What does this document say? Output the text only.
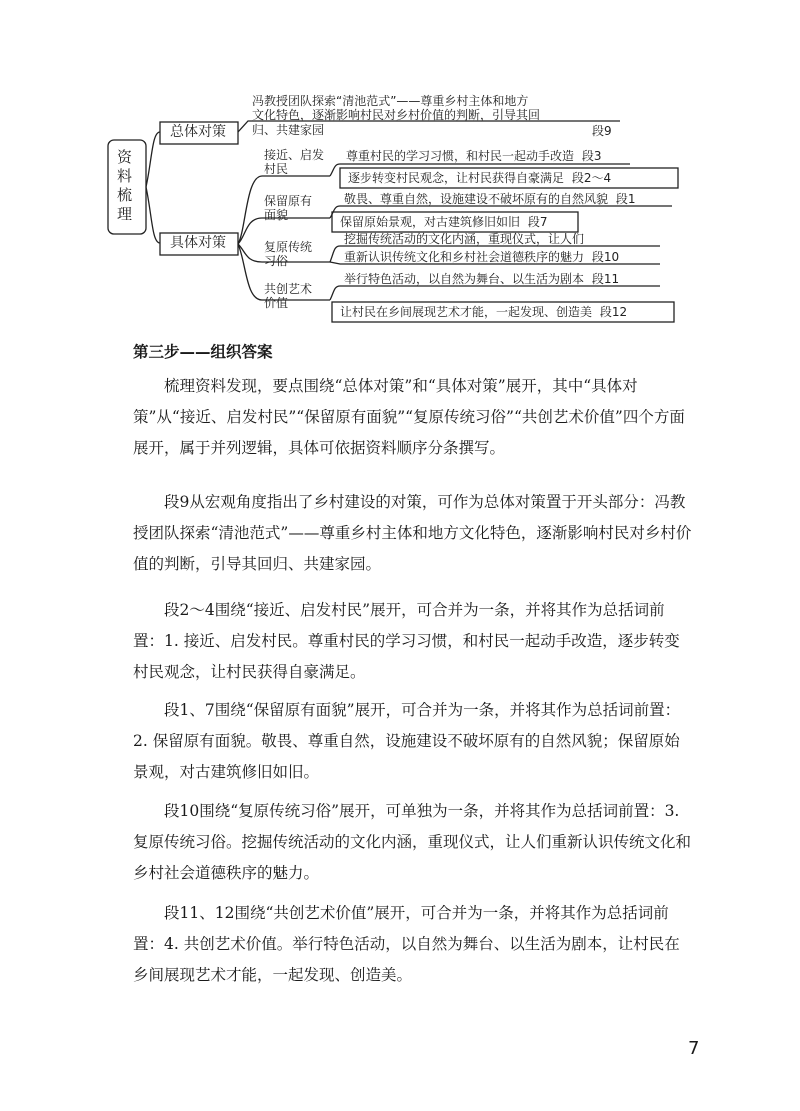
资
料
梳
理
总体对策
冯教授团队探索“清池范式”——尊重乡村主体和地方
文化特色，逐渐影响村民对乡村价值的判断，引导其回
归、共建家园	段9
具体对策
接近、启发
村民
尊重村民的学习习惯，和村民一起动手改造 段3
逐步转变村民观念，让村民获得自豪满足 段2～4
保留原有
面貌
敬畏、尊重自然，设施建设不破坏原有的自然风貌 段1
保留原始景观，对古建筑修旧如旧 段7
复原传统
习俗
挖掘传统活动的文化内涵，重现仪式，让人们
重新认识传统文化和乡村社会道德秩序的魅力 段10
共创艺术
价值
举行特色活动，以自然为舞台、以生活为剧本 段11
让村民在乡间展现艺术才能，一起发现、创造美 段12
第三步——组织答案

梳理资料发现，要点围绕“总体对策”和“具体对策”展开，其中“具体对策”从“接近、启发村民”“保留原有面貌”“复原传统习俗”“共创艺术价值”四个方面展开，属于并列逻辑，具体可依据资料顺序分条撰写。

段9从宏观角度指出了乡村建设的对策，可作为总体对策置于开头部分：冯教授团队探索“清池范式”——尊重乡村主体和地方文化特色，逐渐影响村民对乡村价值的判断，引导其回归、共建家园。

段2～4围绕“接近、启发村民”展开，可合并为一条，并将其作为总括词前置：1. 接近、启发村民。尊重村民的学习习惯，和村民一起动手改造，逐步转变村民观念，让村民获得自豪满足。

段1、7围绕“保留原有面貌”展开，可合并为一条，并将其作为总括词前置：2. 保留原有面貌。敬畏、尊重自然，设施建设不破坏原有的自然风貌；保留原始景观，对古建筑修旧如旧。

段10围绕“复原传统习俗”展开，可单独为一条，并将其作为总括词前置：3. 复原传统习俗。挖掘传统活动的文化内涵，重现仪式，让人们重新认识传统文化和乡村社会道德秩序的魅力。

段11、12围绕“共创艺术价值”展开，可合并为一条，并将其作为总括词前置：4. 共创艺术价值。举行特色活动，以自然为舞台、以生活为剧本，让村民在乡间展现艺术才能，一起发现、创造美。

7
